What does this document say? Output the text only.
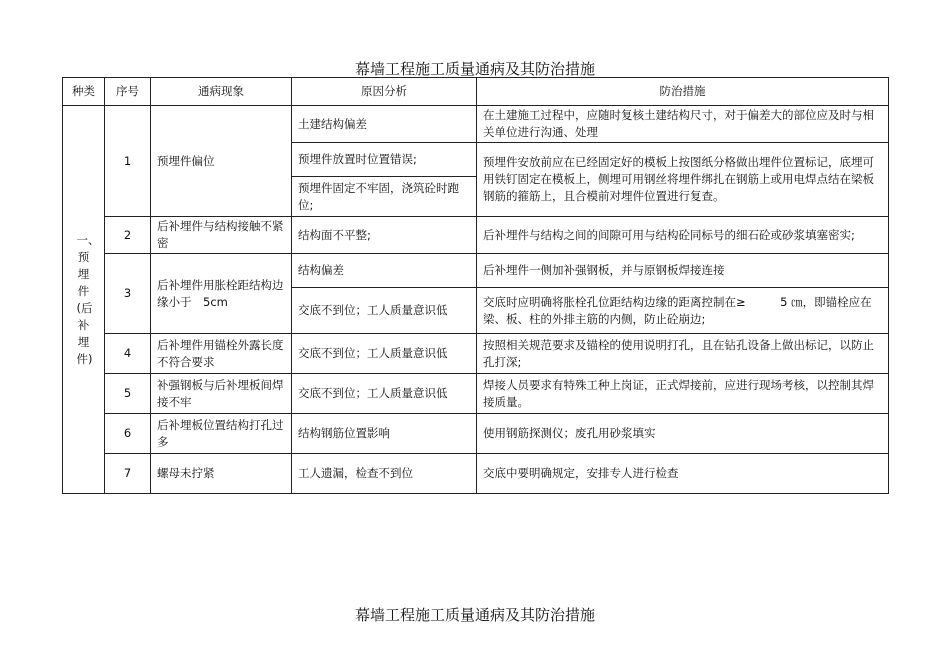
幕墙工程施工质量通病及其防治措施
种类	序号	通病现象	原因分析	防治措施

一、预埋件(后补埋件)	1	预埋件偏位	土建结构偏差	在土建施工过程中，应随时复核土建结构尺寸，对于偏差大的部位应及时与相关单位进行沟通、处理
			预埋件放置时位置错误;	预埋件安放前应在已经固定好的模板上按图纸分格做出埋件位置标记，底埋可用铁钉固定在模板上，侧埋可用钢丝将埋件绑扎在钢筋上或用电焊点结在梁板钢筋的箍筋上，且合模前对埋件位置进行复查。
			预埋件固定不牢固，浇筑砼时跑位;	
	2	后补埋件与结构接触不紧密	结构面不平整;	后补埋件与结构之间的间隙可用与结构砼同标号的细石砼或砂浆填塞密实;
	3	后补埋件用胀栓距结构边缘小于　5cm	结构偏差	后补埋件一侧加补强钢板，并与原钢板焊接连接
			交底不到位；工人质量意识低	交底时应明确将胀栓孔位距结构边缘的距离控制在≥　　　5 ㎝，即锚栓应在梁、板、柱的外排主筋的内侧，防止砼崩边;
	4	后补埋件用锚栓外露长度不符合要求	交底不到位；工人质量意识低	按照相关规范要求及锚栓的使用说明打孔，且在钻孔设备上做出标记，以防止孔打深;
	5	补强钢板与后补埋板间焊接不牢	交底不到位；工人质量意识低	焊接人员要求有特殊工种上岗证，正式焊接前，应进行现场考核，以控制其焊接质量。
	6	后补埋板位置结构打孔过多	结构钢筋位置影响	使用钢筋探测仪；废孔用砂浆填实
	7	螺母未拧紧	工人遗漏，检查不到位	交底中要明确规定，安排专人进行检查
幕墙工程施工质量通病及其防治措施
